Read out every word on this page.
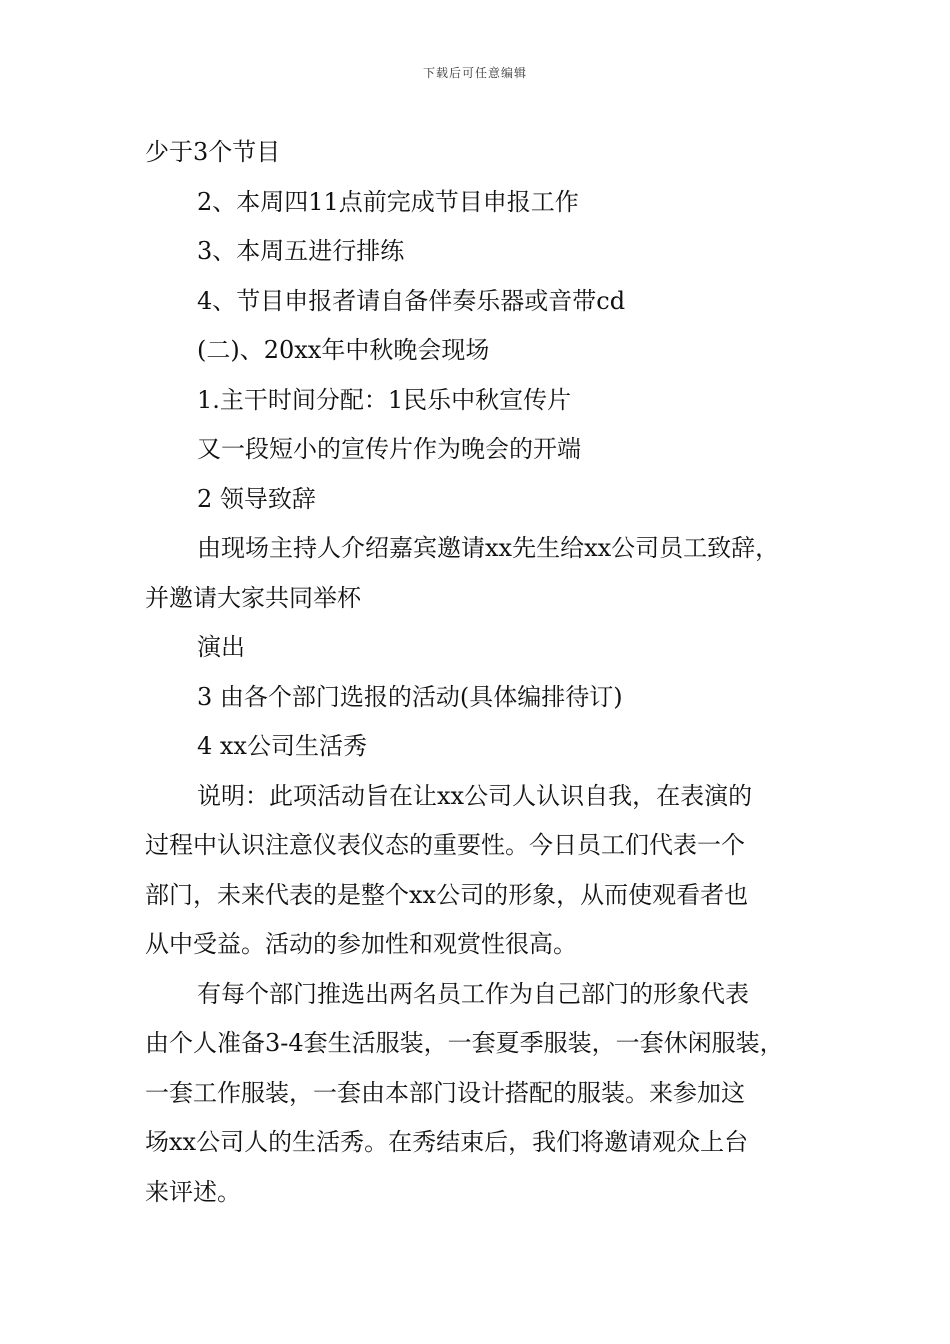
下载后可任意编辑

少于3个节目

2、本周四11点前完成节目申报工作

3、本周五进行排练

4、节目申报者请自备伴奏乐器或音带cd

(二)、20xx年中秋晚会现场

1.主干时间分配：1民乐中秋宣传片

又一段短小的宣传片作为晚会的开端

2 领导致辞

由现场主持人介绍嘉宾邀请xx先生给xx公司员工致辞，
并邀请大家共同举杯

演出

3 由各个部门选报的活动(具体编排待订)

4 xx公司生活秀

说明：此项活动旨在让xx公司人认识自我，在表演的
过程中认识注意仪表仪态的重要性。今日员工们代表一个
部门，未来代表的是整个xx公司的形象，从而使观看者也
从中受益。活动的参加性和观赏性很高。

有每个部门推选出两名员工作为自己部门的形象代表
由个人准备3-4套生活服装，一套夏季服装，一套休闲服装，
一套工作服装，一套由本部门设计搭配的服装。来参加这
场xx公司人的生活秀。在秀结束后，我们将邀请观众上台
来评述。
